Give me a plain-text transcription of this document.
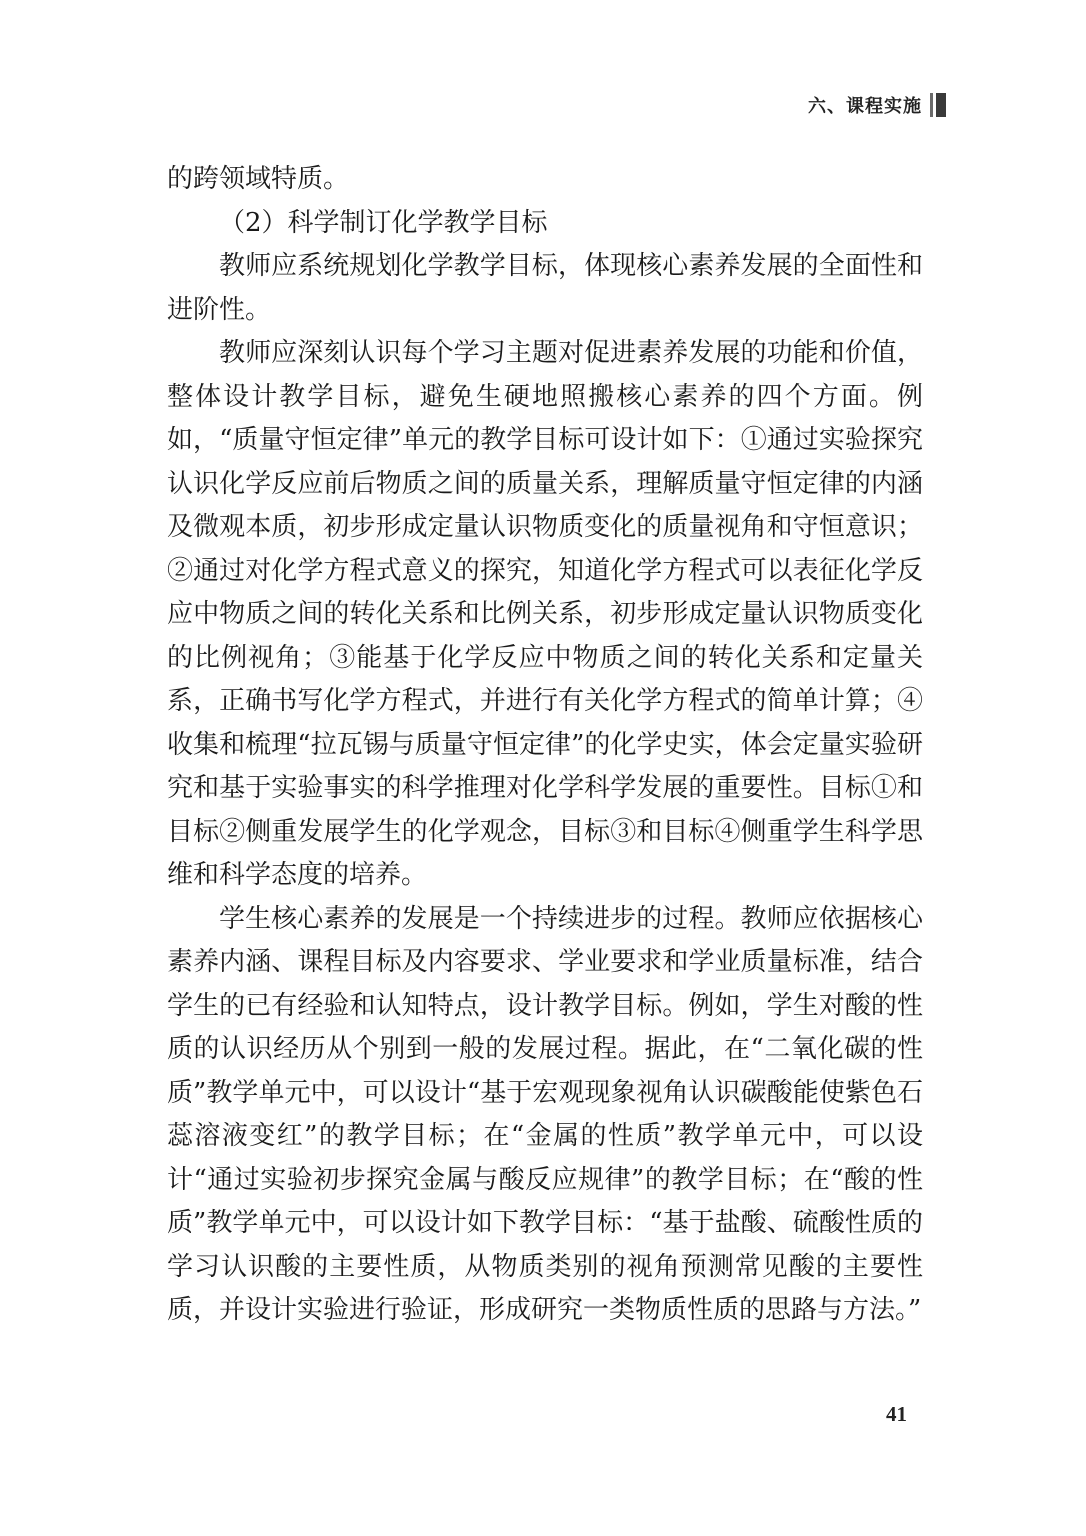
六、课程实施

的跨领域特质。

（2）科学制订化学教学目标

教师应系统规划化学教学目标，体现核心素养发展的全面性和进阶性。

教师应深刻认识每个学习主题对促进素养发展的功能和价值，整体设计教学目标，避免生硬地照搬核心素养的四个方面。例如，“质量守恒定律”单元的教学目标可设计如下：①通过实验探究认识化学反应前后物质之间的质量关系，理解质量守恒定律的内涵及微观本质，初步形成定量认识物质变化的质量视角和守恒意识；②通过对化学方程式意义的探究，知道化学方程式可以表征化学反应中物质之间的转化关系和比例关系，初步形成定量认识物质变化的比例视角；③能基于化学反应中物质之间的转化关系和定量关系，正确书写化学方程式，并进行有关化学方程式的简单计算；④收集和梳理“拉瓦锡与质量守恒定律”的化学史实，体会定量实验研究和基于实验事实的科学推理对化学科学发展的重要性。目标①和目标②侧重发展学生的化学观念，目标③和目标④侧重学生科学思维和科学态度的培养。

学生核心素养的发展是一个持续进步的过程。教师应依据核心素养内涵、课程目标及内容要求、学业要求和学业质量标准，结合学生的已有经验和认知特点，设计教学目标。例如，学生对酸的性质的认识经历从个别到一般的发展过程。据此，在“二氧化碳的性质”教学单元中，可以设计“基于宏观现象视角认识碳酸能使紫色石蕊溶液变红”的教学目标；在“金属的性质”教学单元中，可以设计“通过实验初步探究金属与酸反应规律”的教学目标；在“酸的性质”教学单元中，可以设计如下教学目标：“基于盐酸、硫酸性质的学习认识酸的主要性质，从物质类别的视角预测常见酸的主要性质，并设计实验进行验证，形成研究一类物质性质的思路与方法。”

41
